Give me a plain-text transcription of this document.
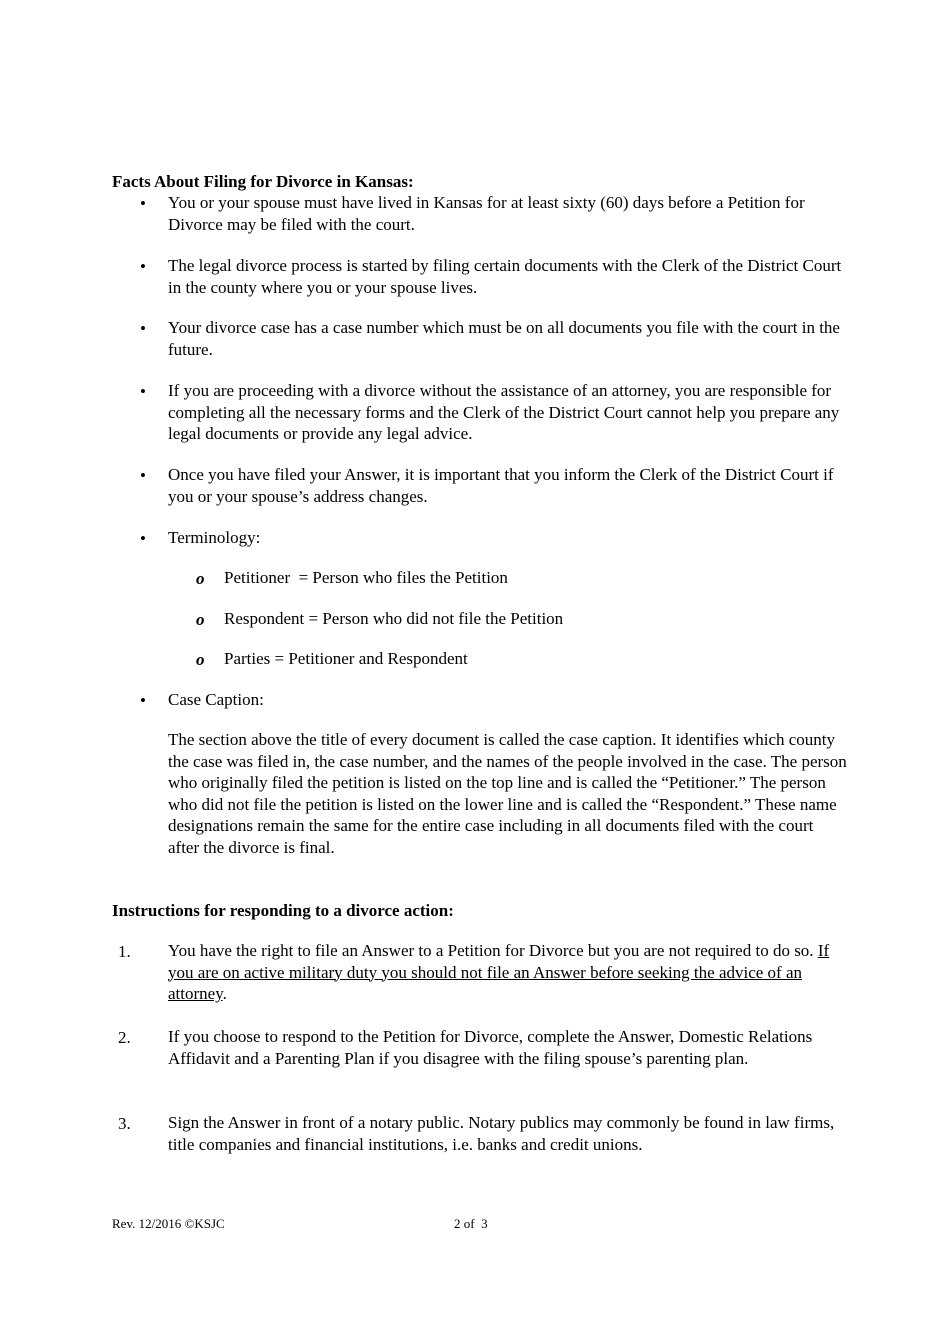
Facts About Filing for Divorce in Kansas:
• You or your spouse must have lived in Kansas for at least sixty (60) days before a Petition for Divorce may be filed with the court.
• The legal divorce process is started by filing certain documents with the Clerk of the District Court in the county where you or your spouse lives.
• Your divorce case has a case number which must be on all documents you file with the court in the future.
• If you are proceeding with a divorce without the assistance of an attorney, you are responsible for completing all the necessary forms and the Clerk of the District Court cannot help you prepare any legal documents or provide any legal advice.
• Once you have filed your Answer, it is important that you inform the Clerk of the District Court if you or your spouse’s address changes.
• Terminology:
o Petitioner  = Person who files the Petition
o Respondent = Person who did not file the Petition
o Parties = Petitioner and Respondent
• Case Caption:
The section above the title of every document is called the case caption. It identifies which county the case was filed in, the case number, and the names of the people involved in the case. The person who originally filed the petition is listed on the top line and is called the “Petitioner.” The person who did not file the petition is listed on the lower line and is called the “Respondent.” These name designations remain the same for the entire case including in all documents filed with the court after the divorce is final.
Instructions for responding to a divorce action:
1. You have the right to file an Answer to a Petition for Divorce but you are not required to do so. If you are on active military duty you should not file an Answer before seeking the advice of an attorney.
2. If you choose to respond to the Petition for Divorce, complete the Answer, Domestic Relations Affidavit and a Parenting Plan if you disagree with the filing spouse’s parenting plan.
3. Sign the Answer in front of a notary public. Notary publics may commonly be found in law firms, title companies and financial institutions, i.e. banks and credit unions.
Rev. 12/2016 ©KSJC	2 of  3
